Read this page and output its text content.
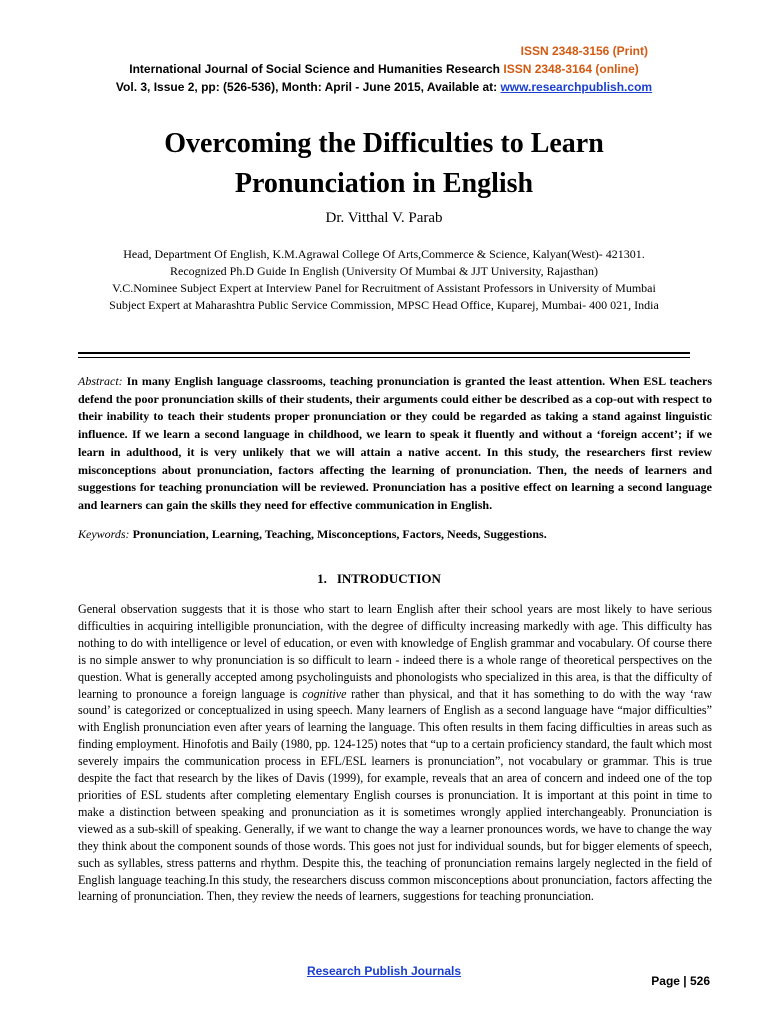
ISSN 2348-3156 (Print)
International Journal of Social Science and Humanities Research ISSN 2348-3164 (online)
Vol. 3, Issue 2, pp: (526-536), Month: April - June 2015, Available at: www.researchpublish.com
Overcoming the Difficulties to Learn
Pronunciation in English
Dr. Vitthal V. Parab
Head, Department Of English, K.M.Agrawal College Of Arts,Commerce & Science, Kalyan(West)- 421301.
Recognized Ph.D Guide In English (University Of Mumbai & JJT University, Rajasthan)
V.C.Nominee Subject Expert at Interview Panel for Recruitment of Assistant Professors in University of Mumbai
Subject Expert at Maharashtra Public Service Commission, MPSC Head Office, Kuparej, Mumbai- 400 021, India
Abstract: In many English language classrooms, teaching pronunciation is granted the least attention. When ESL teachers defend the poor pronunciation skills of their students, their arguments could either be described as a cop-out with respect to their inability to teach their students proper pronunciation or they could be regarded as taking a stand against linguistic influence. If we learn a second language in childhood, we learn to speak it fluently and without a ‘foreign accent’; if we learn in adulthood, it is very unlikely that we will attain a native accent. In this study, the researchers first review misconceptions about pronunciation, factors affecting the learning of pronunciation. Then, the needs of learners and suggestions for teaching pronunciation will be reviewed. Pronunciation has a positive effect on learning a second language and learners can gain the skills they need for effective communication in English.
Keywords: Pronunciation, Learning, Teaching, Misconceptions, Factors, Needs, Suggestions.
1. INTRODUCTION
General observation suggests that it is those who start to learn English after their school years are most likely to have serious difficulties in acquiring intelligible pronunciation, with the degree of difficulty increasing markedly with age. This difficulty has nothing to do with intelligence or level of education, or even with knowledge of English grammar and vocabulary. Of course there is no simple answer to why pronunciation is so difficult to learn - indeed there is a whole range of theoretical perspectives on the question. What is generally accepted among psycholinguists and phonologists who specialized in this area, is that the difficulty of learning to pronounce a foreign language is cognitive rather than physical, and that it has something to do with the way ‘raw sound’ is categorized or conceptualized in using speech. Many learners of English as a second language have “major difficulties” with English pronunciation even after years of learning the language. This often results in them facing difficulties in areas such as finding employment. Hinofotis and Baily (1980, pp. 124-125) notes that “up to a certain proficiency standard, the fault which most severely impairs the communication process in EFL/ESL learners is pronunciation”, not vocabulary or grammar. This is true despite the fact that research by the likes of Davis (1999), for example, reveals that an area of concern and indeed one of the top priorities of ESL students after completing elementary English courses is pronunciation. It is important at this point in time to make a distinction between speaking and pronunciation as it is sometimes wrongly applied interchangeably. Pronunciation is viewed as a sub-skill of speaking. Generally, if we want to change the way a learner pronounces words, we have to change the way they think about the component sounds of those words. This goes not just for individual sounds, but for bigger elements of speech, such as syllables, stress patterns and rhythm. Despite this, the teaching of pronunciation remains largely neglected in the field of English language teaching.In this study, the researchers discuss common misconceptions about pronunciation, factors affecting the learning of pronunciation. Then, they review the needs of learners, suggestions for teaching pronunciation.
Page | 526
Research Publish Journals
